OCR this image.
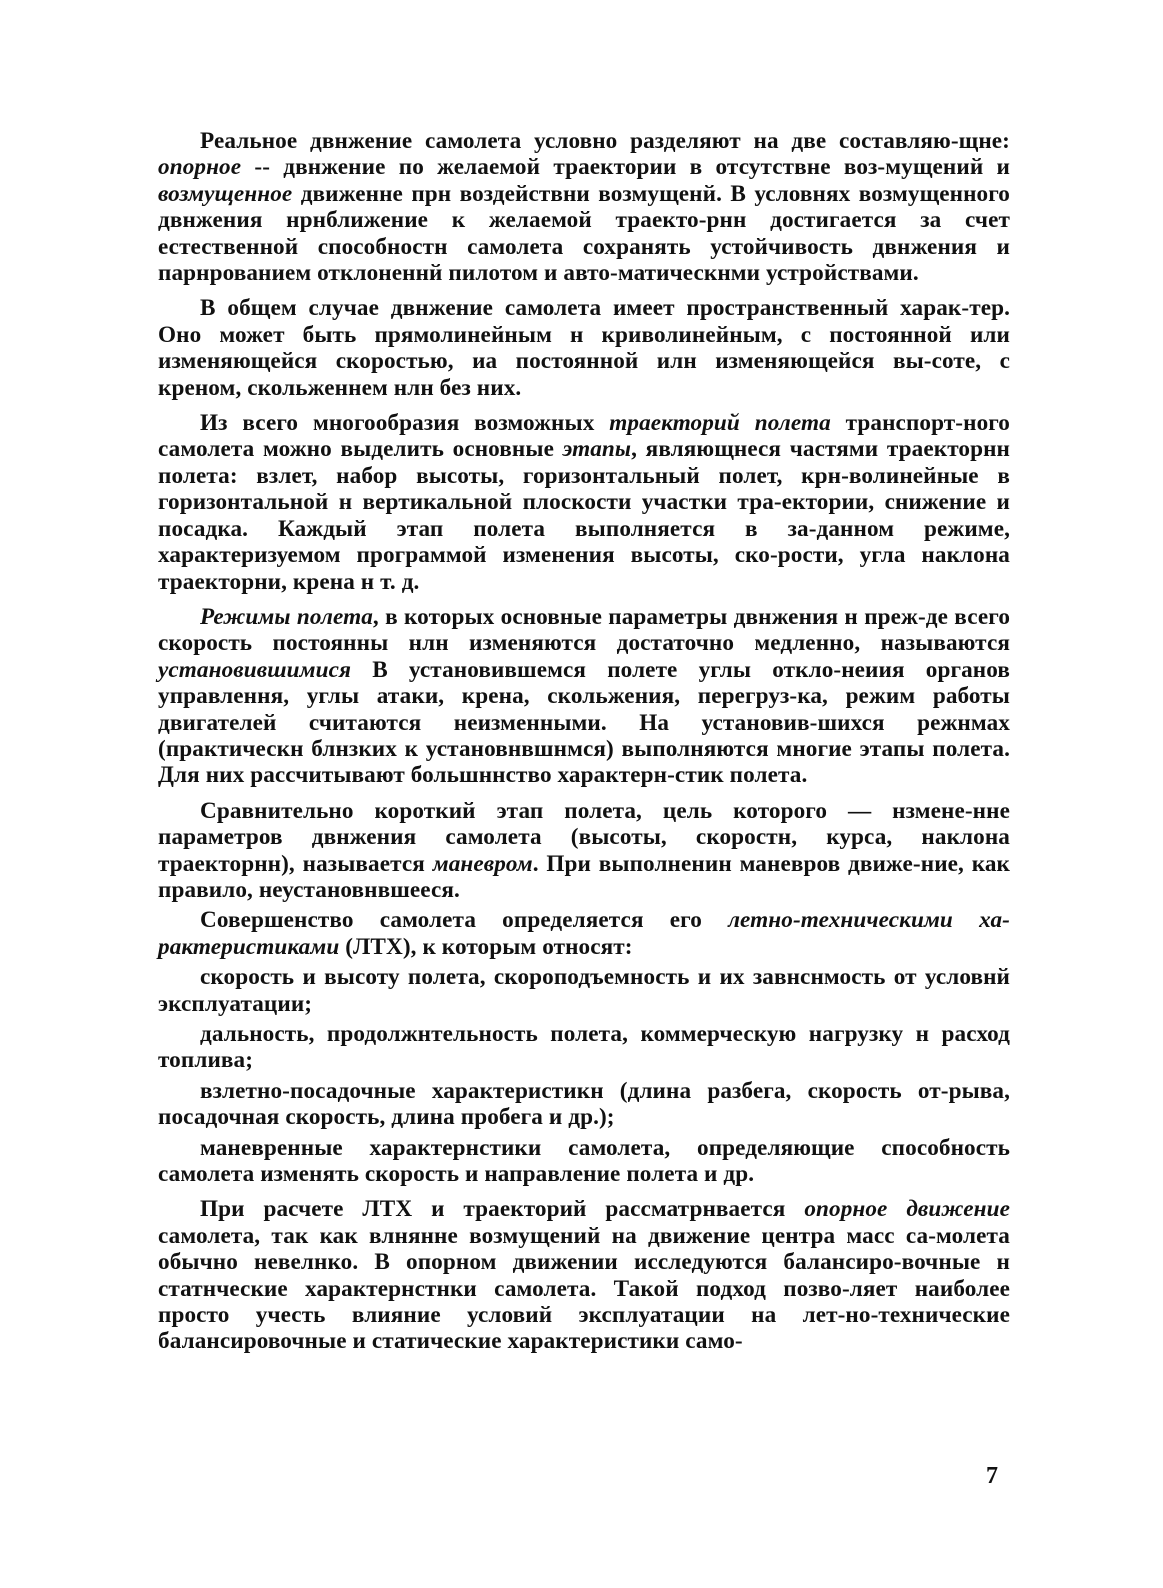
Реальное двнжение самолета условно разделяют на две составляю-щне: опорное -- двнжение по желаемой траектории в отсутствне воз-мущений и возмущенное движенне прн воздействни возмущенй. В условнях возмущенного двнжения нрнближение к желаемой траекто-рнн достигается за счет естественной способностн самолета сохранять устойчивость двнжения и парнрованием отклоненнй пилотом и авто-матическнми устройствами.

В общем случае двнжение самолета имеет пространственный харак-тер. Оно может быть прямолинейным н криволинейным, с постоянной или изменяющейся скоростью, иа постоянной илн изменяющейся вы-соте, с креном, скольженнем нлн без них.

Из всего многообразия возможных траекторий полета транспорт-ного самолета можно выделить основные этапы, являющнеся частями траекторнн полета: взлет, набор высоты, горизонтальный полет, крн-волинейные в горизонтальной н вертикальной плоскости участки тра-ектории, снижение и посадка. Каждый этап полета выполняется в за-данном режиме, характеризуемом программой изменения высоты, ско-рости, угла наклона траекторни, крена н т. д.

Режимы полета, в которых основные параметры двнжения н преж-де всего скорость постоянны нлн изменяются достаточно медленно, называются установившимися В установившемся полете углы откло-неиия органов управлення, углы атаки, крена, скольжения, перегруз-ка, режим работы двигателей считаются неизменными. На установив-шихся режнмах (практическн блнзких к установнвшнмся) выполняются многие этапы полета. Для них рассчитывают большннство характерн-стик полета.

Сравнительно короткий этап полета, цель которого — нзмене-нне параметров двнжения самолета (высоты, скоростн, курса, наклона траекторнн), называется маневром. При выполненин маневров движе-ние, как правило, неустановнвшееся.

Совершенство самолета определяется его летно-техническими ха-рактеристиками (ЛТХ), к которым относят:

скорость и высоту полета, скороподъемность и их завнснмость от условнй эксплуатации;

дальность, продолжнтельность полета, коммерческую нагрузку н расход топлива;

взлетно-посадочные характеристикн (длина разбега, скорость от-рыва, посадочная скорость, длина пробега и др.);

маневренные характернстики самолета, определяющие способность самолета изменять скорость и направление полета и др.

При расчете ЛТХ и траекторий рассматрнвается опорное движение самолета, так как влнянне возмущений на движение центра масс са-молета обычно невелнко. В опорном движении исследуются балансиро-вочные н статнческие характернстнки самолета. Такой подход позво-ляет наиболее просто учесть влияние условий эксплуатации на лет-но-технические балансировочные и статические характеристики само-

7
